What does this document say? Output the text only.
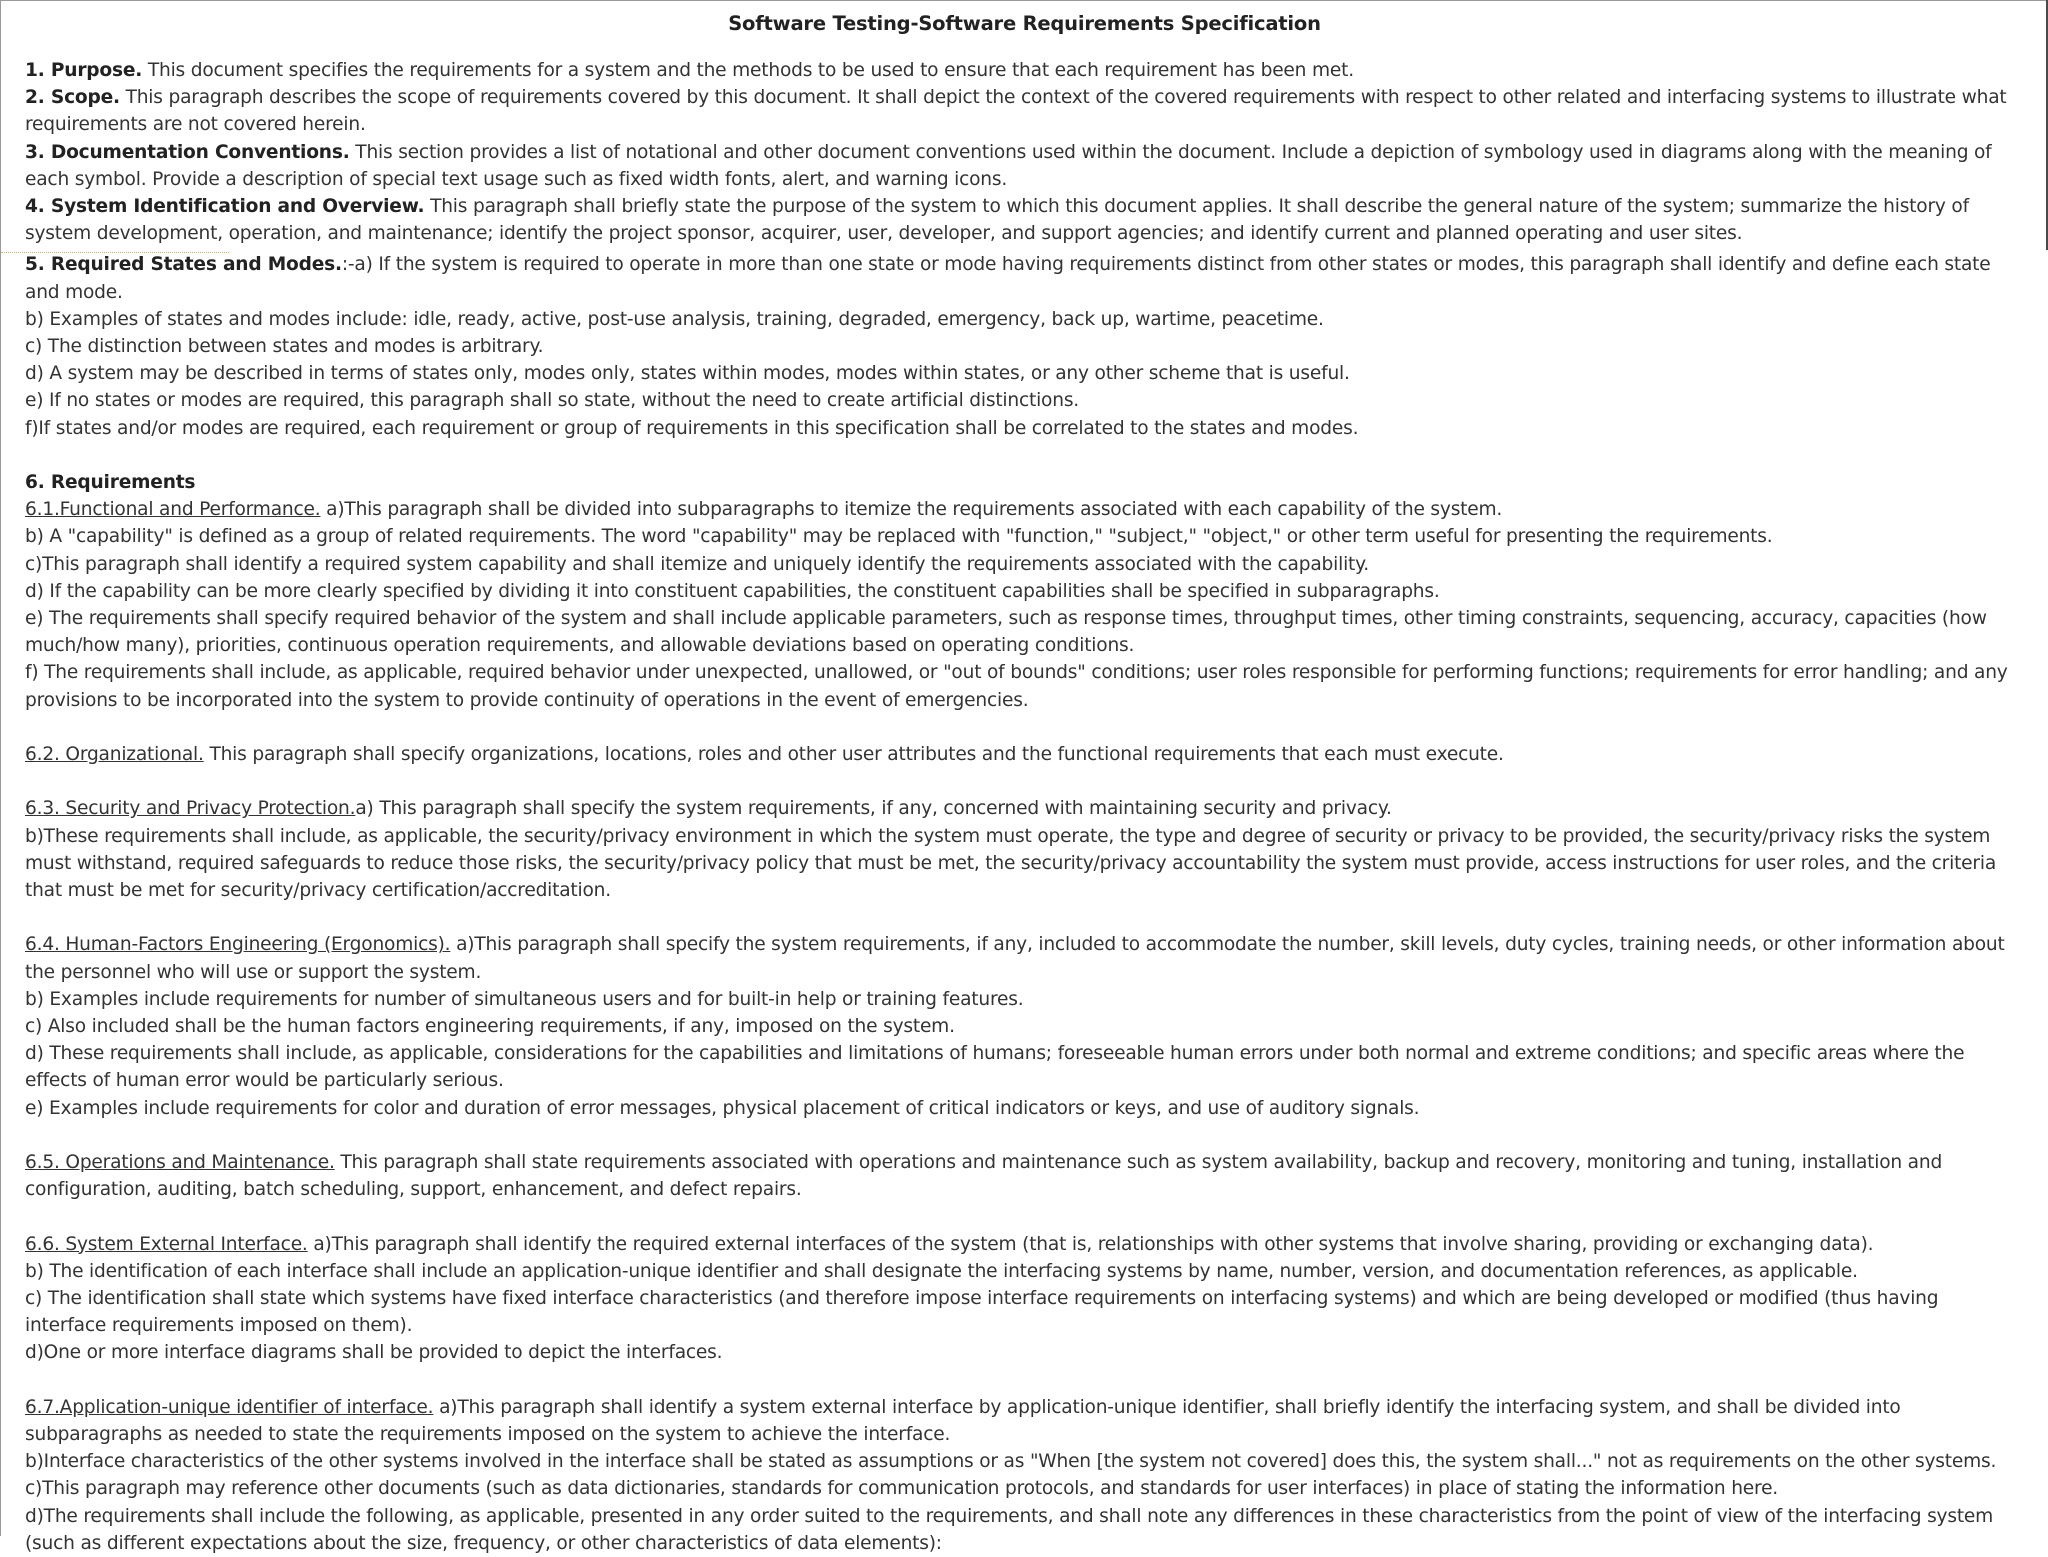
Software Testing-Software Requirements Specification

1. Purpose. This document specifies the requirements for a system and the methods to be used to ensure that each requirement has been met.

2. Scope. This paragraph describes the scope of requirements covered by this document. It shall depict the context of the covered requirements with respect to other related and interfacing systems to illustrate what requirements are not covered herein.

3. Documentation Conventions. This section provides a list of notational and other document conventions used within the document. Include a depiction of symbology used in diagrams along with the meaning of each symbol. Provide a description of special text usage such as fixed width fonts, alert, and warning icons.

4. System Identification and Overview. This paragraph shall briefly state the purpose of the system to which this document applies. It shall describe the general nature of the system; summarize the history of system development, operation, and maintenance; identify the project sponsor, acquirer, user, developer, and support agencies; and identify current and planned operating and user sites.

5. Required States and Modes.:-a) If the system is required to operate in more than one state or mode having requirements distinct from other states or modes, this paragraph shall identify and define each state and mode.

b) Examples of states and modes include: idle, ready, active, post-use analysis, training, degraded, emergency, back up, wartime, peacetime.

c) The distinction between states and modes is arbitrary.

d) A system may be described in terms of states only, modes only, states within modes, modes within states, or any other scheme that is useful.

e) If no states or modes are required, this paragraph shall so state, without the need to create artificial distinctions.

f)If states and/or modes are required, each requirement or group of requirements in this specification shall be correlated to the states and modes.

6. Requirements

6.1.Functional and Performance. a)This paragraph shall be divided into subparagraphs to itemize the requirements associated with each capability of the system.

b) A "capability" is defined as a group of related requirements. The word "capability" may be replaced with "function," "subject," "object," or other term useful for presenting the requirements.

c)This paragraph shall identify a required system capability and shall itemize and uniquely identify the requirements associated with the capability.

d) If the capability can be more clearly specified by dividing it into constituent capabilities, the constituent capabilities shall be specified in subparagraphs.

e) The requirements shall specify required behavior of the system and shall include applicable parameters, such as response times, throughput times, other timing constraints, sequencing, accuracy, capacities (how much/how many), priorities, continuous operation requirements, and allowable deviations based on operating conditions.

f) The requirements shall include, as applicable, required behavior under unexpected, unallowed, or "out of bounds" conditions; user roles responsible for performing functions; requirements for error handling; and any provisions to be incorporated into the system to provide continuity of operations in the event of emergencies.

6.2. Organizational. This paragraph shall specify organizations, locations, roles and other user attributes and the functional requirements that each must execute.

6.3. Security and Privacy Protection.a) This paragraph shall specify the system requirements, if any, concerned with maintaining security and privacy.

b)These requirements shall include, as applicable, the security/privacy environment in which the system must operate, the type and degree of security or privacy to be provided, the security/privacy risks the system must withstand, required safeguards to reduce those risks, the security/privacy policy that must be met, the security/privacy accountability the system must provide, access instructions for user roles, and the criteria that must be met for security/privacy certification/accreditation.

6.4. Human-Factors Engineering (Ergonomics). a)This paragraph shall specify the system requirements, if any, included to accommodate the number, skill levels, duty cycles, training needs, or other information about the personnel who will use or support the system.

b) Examples include requirements for number of simultaneous users and for built-in help or training features.

c) Also included shall be the human factors engineering requirements, if any, imposed on the system.

d) These requirements shall include, as applicable, considerations for the capabilities and limitations of humans; foreseeable human errors under both normal and extreme conditions; and specific areas where the effects of human error would be particularly serious.

e) Examples include requirements for color and duration of error messages, physical placement of critical indicators or keys, and use of auditory signals.

6.5. Operations and Maintenance. This paragraph shall state requirements associated with operations and maintenance such as system availability, backup and recovery, monitoring and tuning, installation and configuration, auditing, batch scheduling, support, enhancement, and defect repairs.

6.6. System External Interface. a)This paragraph shall identify the required external interfaces of the system (that is, relationships with other systems that involve sharing, providing or exchanging data).

b) The identification of each interface shall include an application-unique identifier and shall designate the interfacing systems by name, number, version, and documentation references, as applicable.

c) The identification shall state which systems have fixed interface characteristics (and therefore impose interface requirements on interfacing systems) and which are being developed or modified (thus having interface requirements imposed on them).

d)One or more interface diagrams shall be provided to depict the interfaces.

6.7.Application-unique identifier of interface. a)This paragraph shall identify a system external interface by application-unique identifier, shall briefly identify the interfacing system, and shall be divided into subparagraphs as needed to state the requirements imposed on the system to achieve the interface.

b)Interface characteristics of the other systems involved in the interface shall be stated as assumptions or as "When [the system not covered] does this, the system shall..." not as requirements on the other systems.

c)This paragraph may reference other documents (such as data dictionaries, standards for communication protocols, and standards for user interfaces) in place of stating the information here.

d)The requirements shall include the following, as applicable, presented in any order suited to the requirements, and shall note any differences in these characteristics from the point of view of the interfacing system (such as different expectations about the size, frequency, or other characteristics of data elements):
